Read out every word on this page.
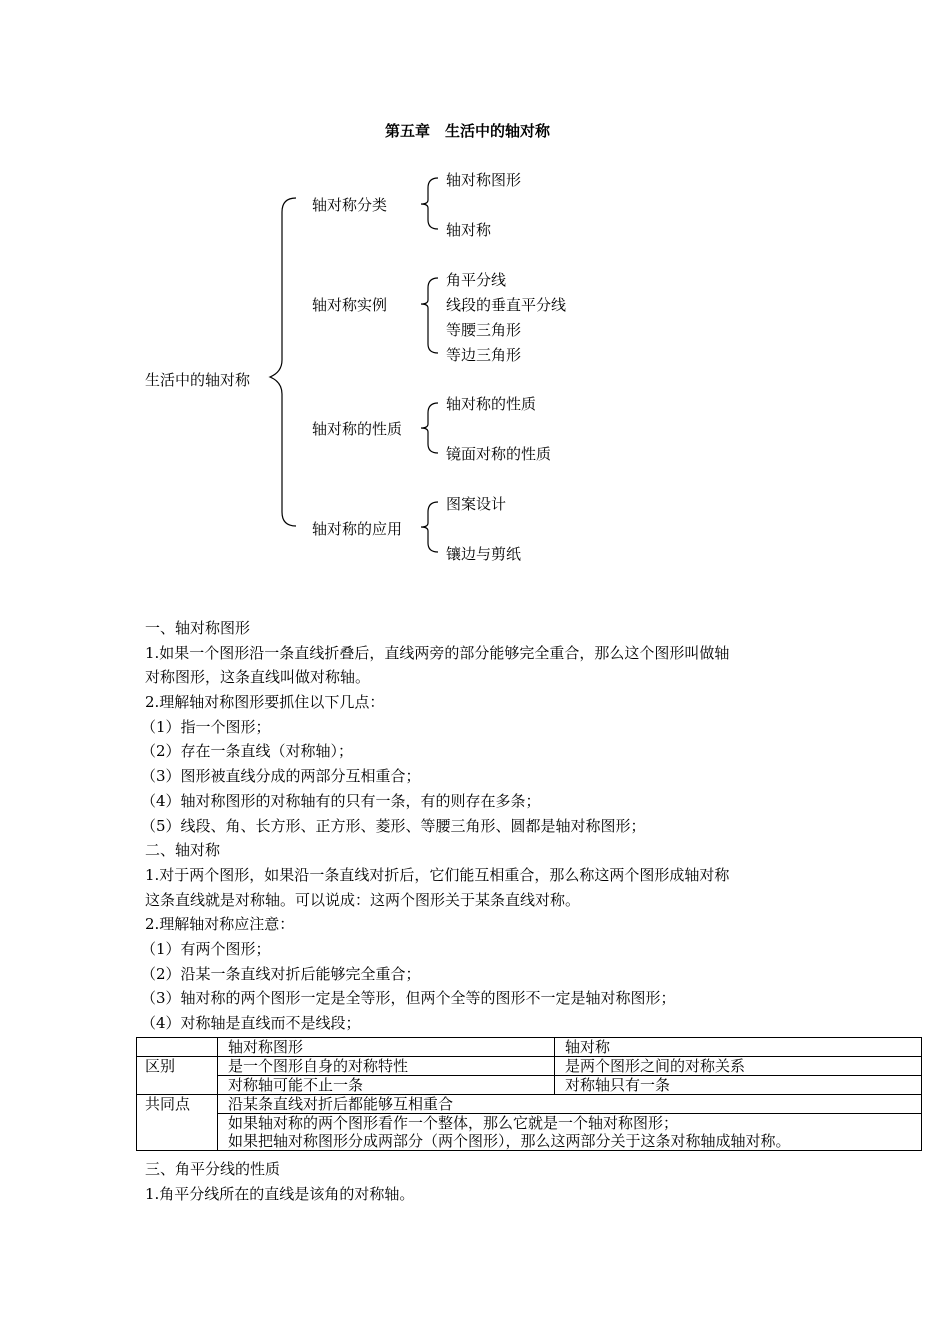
第五章　生活中的轴对称
生活中的轴对称
轴对称分类
轴对称图形
轴对称
轴对称实例
角平分线
线段的垂直平分线
等腰三角形
等边三角形
轴对称的性质
轴对称的性质
镜面对称的性质
轴对称的应用
图案设计
镶边与剪纸
一、轴对称图形
1.如果一个图形沿一条直线折叠后，直线两旁的部分能够完全重合，那么这个图形叫做轴
对称图形，这条直线叫做对称轴。
2.理解轴对称图形要抓住以下几点：
（1）指一个图形；
（2）存在一条直线（对称轴）；
（3）图形被直线分成的两部分互相重合；
（4）轴对称图形的对称轴有的只有一条，有的则存在多条；
（5）线段、角、长方形、正方形、菱形、等腰三角形、圆都是轴对称图形；
二、轴对称
1.对于两个图形，如果沿一条直线对折后，它们能互相重合，那么称这两个图形成轴对称
这条直线就是对称轴。可以说成：这两个图形关于某条直线对称。
2.理解轴对称应注意：
（1）有两个图形；
（2）沿某一条直线对折后能够完全重合；
（3）轴对称的两个图形一定是全等形，但两个全等的图形不一定是轴对称图形；
（4）对称轴是直线而不是线段；
	轴对称图形	轴对称
区别	是一个图形自身的对称特性	是两个图形之间的对称关系
	对称轴可能不止一条	对称轴只有一条
共同点	沿某条直线对折后都能够互相重合	

	如果轴对称的两个图形看作一个整体，那么它就是一个轴对称图形；
如果把轴对称图形分成两部分（两个图形），那么这两部分关于这条对称轴成轴对称。	
三、角平分线的性质
1.角平分线所在的直线是该角的对称轴。
